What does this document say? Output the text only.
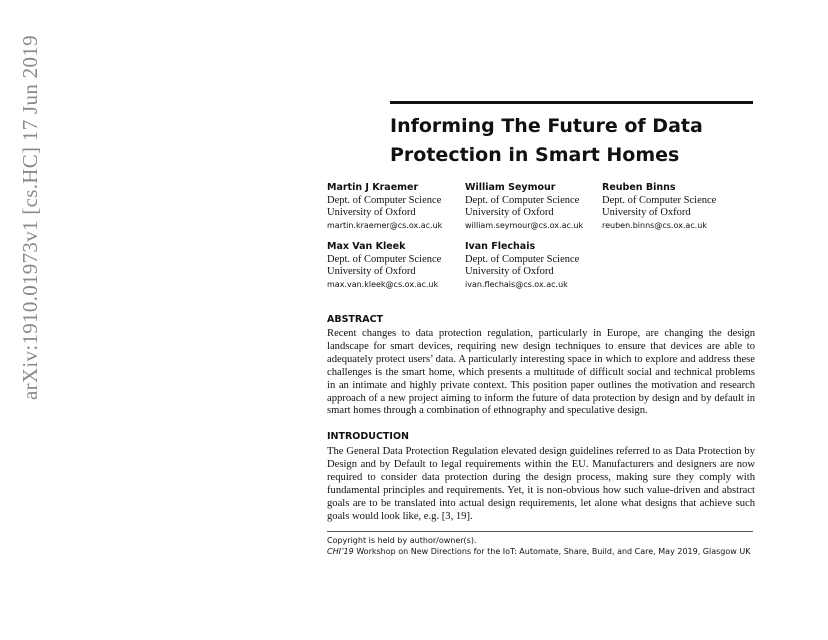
arXiv:1910.01973v1 [cs.HC] 17 Jun 2019	Informing The Future of Data Protection in Smart Homes
Martin J Kraemer
Dept. of Computer Science
University of Oxford
martin.kraemer@cs.ox.ac.uk
William Seymour
Dept. of Computer Science
University of Oxford
william.seymour@cs.ox.ac.uk
Reuben Binns
Dept. of Computer Science
University of Oxford
reuben.binns@cs.ox.ac.uk
Max Van Kleek
Dept. of Computer Science
University of Oxford
max.van.kleek@cs.ox.ac.uk
Ivan Flechais
Dept. of Computer Science
University of Oxford
ivan.flechais@cs.ox.ac.uk
ABSTRACT
Recent changes to data protection regulation, particularly in Europe, are changing the design landscape for smart devices, requiring new design techniques to ensure that devices are able to adequately protect users’ data. A particularly interesting space in which to explore and address these challenges is the smart home, which presents a multitude of difficult social and technical problems in an intimate and highly private context. This position paper outlines the motivation and research approach of a new project aiming to inform the future of data protection by design and by default in smart homes through a combination of ethnography and speculative design.
INTRODUCTION
The General Data Protection Regulation elevated design guidelines referred to as Data Protection by Design and by Default to legal requirements within the EU. Manufacturers and designers are now required to consider data protection during the design process, making sure they comply with fundamental principles and requirements. Yet, it is non-obvious how such value-driven and abstract goals are to be translated into actual design requirements, let alone what designs that achieve such goals would look like, e.g. [3, 19].
Copyright is held by author/owner(s).
CHI’19 Workshop on New Directions for the IoT: Automate, Share, Build, and Care, May 2019, Glasgow UK
